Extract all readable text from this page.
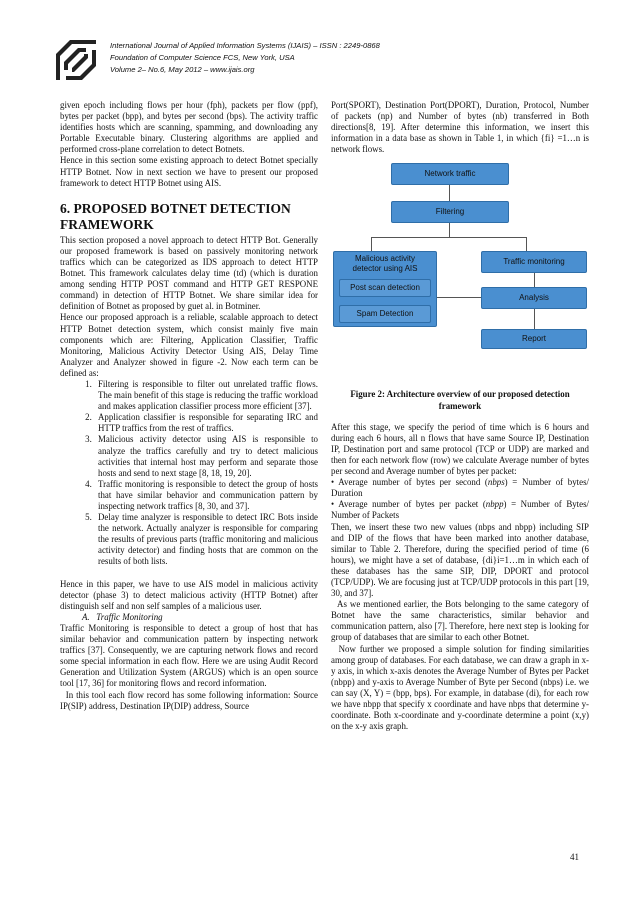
International Journal of Applied Information Systems (IJAIS) – ISSN : 2249-0868
Foundation of Computer Science FCS, New York, USA
Volume 2– No.6, May 2012 – www.ijais.org

given epoch including flows per hour (fph), packets per flow (ppf), bytes per packet (bpp), and bytes per second (bps). The activity traffic identifies hosts which are scanning, spamming, and downloading any Portable Executable binary. Clustering algorithms are applied and performed cross-plane correlation to detect Botnets.

Hence in this section some existing approach to detect Botnet specially HTTP Botnet. Now in next section we have to present our proposed framework to detect HTTP Botnet using AIS.

6. PROPOSED BOTNET DETECTION FRAMEWORK

This section proposed a novel approach to detect HTTP Bot. Generally our proposed framework is based on passively monitoring network traffics which can be categorized as IDS approach to detect HTTP Botnet. This framework calculates delay time (td) (which is duration among sending HTTP POST command and HTTP GET RESPONE command) in detection of HTTP Botnet. We share similar idea for definition of Botnet as proposed by guet al. in Botminer.

Hence our proposed approach is a reliable, scalable approach to detect HTTP Botnet detection system, which consist mainly five main components which are: Filtering, Application Classifier, Traffic Monitoring, Malicious Activity Detector Using AIS, Delay Time Analyzer and Analyzer showed in figure -2. Now each term can be defined as:

1. Filtering is responsible to filter out unrelated traffic flows. The main benefit of this stage is reducing the traffic workload and makes application classifier process more efficient [37].
2. Application classifier is responsible for separating IRC and HTTP traffics from the rest of traffics.
3. Malicious activity detector using AIS is responsible to analyze the traffics carefully and try to detect malicious activities that internal host may perform and separate those hosts and send to next stage [8, 18, 19, 20].
4. Traffic monitoring is responsible to detect the group of hosts that have similar behavior and communication pattern by inspecting network traffics [8, 30, and 37].
5. Delay time analyzer is responsible to detect IRC Bots inside the network. Actually analyzer is responsible for comparing the results of previous parts (traffic monitoring and malicious activity detector) and finding hosts that are common on the results of both lists.

Hence in this paper, we have to use AIS model in malicious activity detector (phase 3) to detect malicious activity (HTTP Botnet) after distinguish self and non self samples of a malicious user.

A.   Traffic Monitoring

Traffic Monitoring is responsible to detect a group of host that has similar behavior and communication pattern by inspecting network traffics [37]. Consequently, we are capturing network flows and record some special information in each flow. Here we are using Audit Record Generation and Utilization System (ARGUS) which is an open source tool [17, 36] for monitoring flows and record information.

In this tool each flow record has some following information: Source IP(SIP) address, Destination IP(DIP) address, Source

Port(SPORT), Destination Port(DPORT), Duration, Protocol, Number of packets (np) and Number of bytes (nb) transferred in Both directions[8, 19]. After determine this information, we insert this information in a data base as shown in Table 1, in which {fi} =1…n is network flows.

Network traffic
Filtering
Malicious activity detector using AIS
Post scan detection
Spam Detection
Traffic monitoring
Analysis
Report
Figure 2: Architecture overview of our proposed detection framework

After this stage, we specify the period of time which is 6 hours and during each 6 hours, all n flows that have same Source IP, Destination IP, Destination port and same protocol (TCP or UDP) are marked and then for each network flow (row) we calculate Average number of bytes per second and Average number of bytes per packet:

• Average number of bytes per second (nbps) = Number of bytes/ Duration

• Average number of bytes per packet (nbpp) = Number of Bytes/ Number of Packets

Then, we insert these two new values (nbps and nbpp) including SIP and DIP of the flows that have been marked into another database, similar to Table 2. Therefore, during the specified period of time (6 hours), we might have a set of database, {di}i=1…m in which each of these databases has the same SIP, DIP, DPORT and protocol (TCP/UDP). We are focusing just at TCP/UDP protocols in this part [19, 30, and 37].

As we mentioned earlier, the Bots belonging to the same category of Botnet have the same characteristics, similar behavior and communication pattern, also [7]. Therefore, here next step is looking for group of databases that are similar to each other Botnet.

Now further we proposed a simple solution for finding similarities among group of databases. For each database, we can draw a graph in x-y axis, in which x-axis denotes the Average Number of Bytes per Packet (nbpp) and y-axis to Average Number of Byte per Second (nbps) i.e. we can say (X, Y) = (bpp, bps). For example, in database (di), for each row we have nbpp that specify x coordinate and have nbps that determine y-coordinate. Both x-coordinate and y-coordinate determine a point (x,y) on the x-y axis graph.

41
